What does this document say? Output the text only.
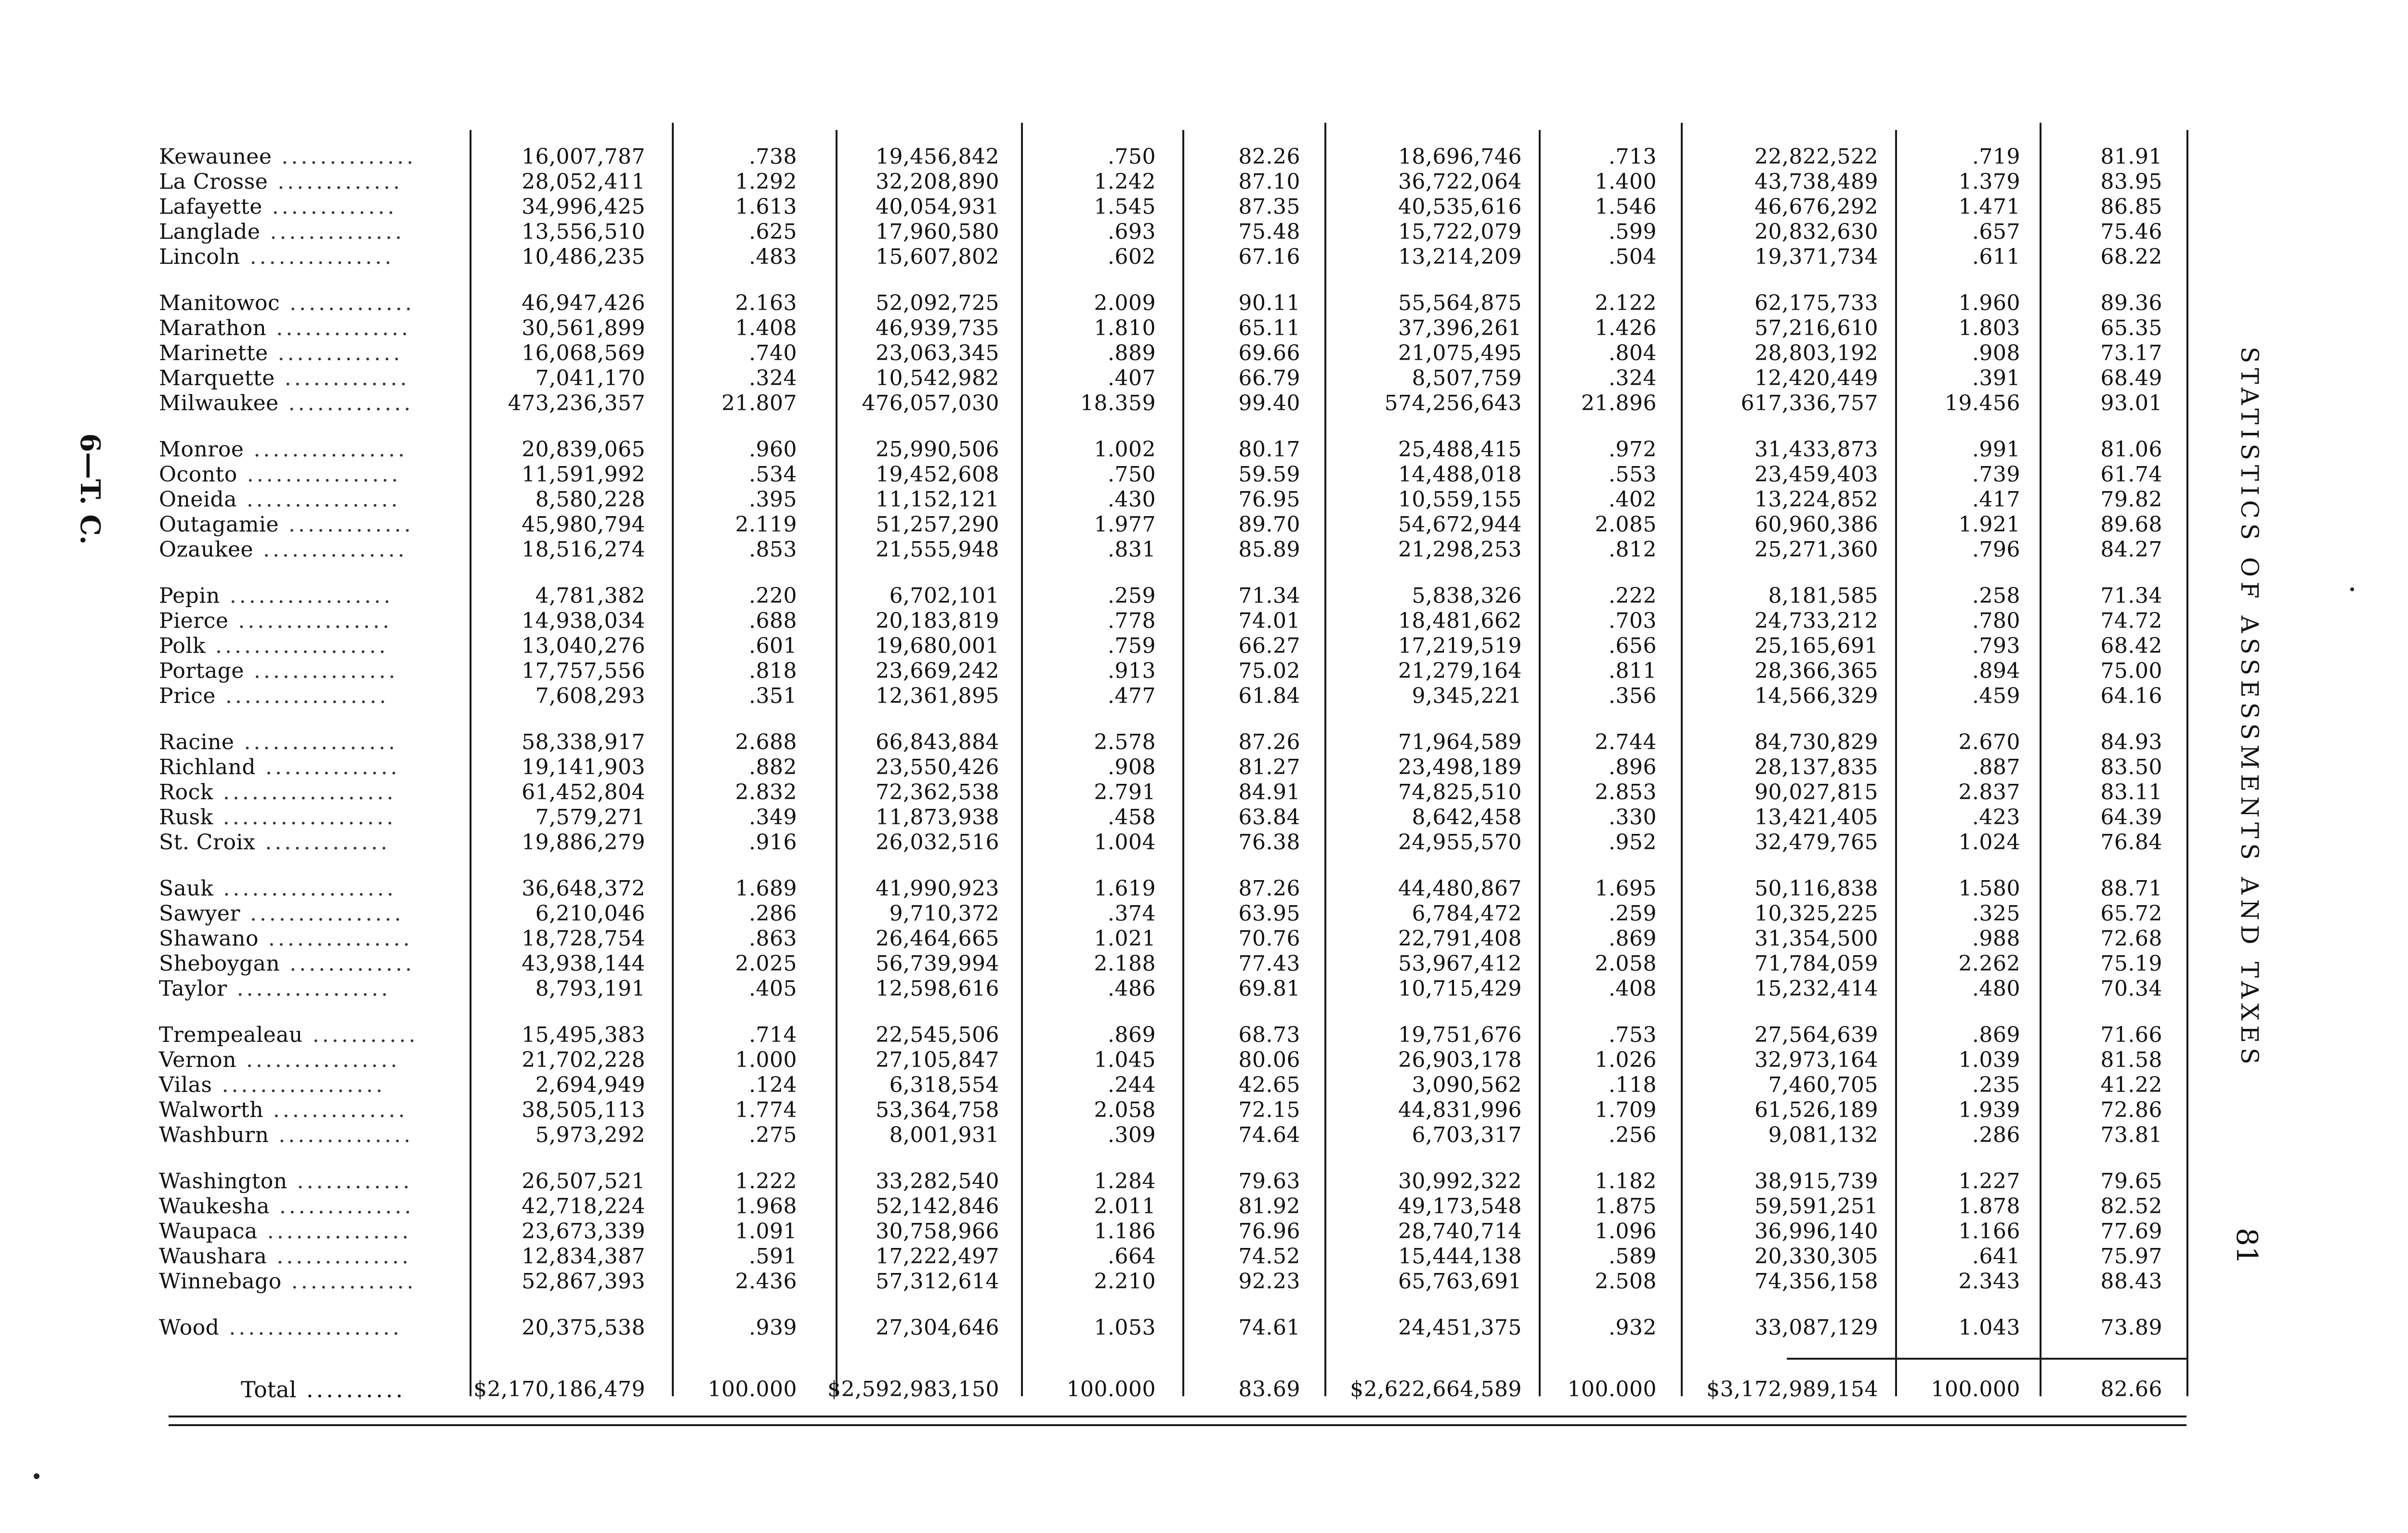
Kewaunee ..............	16,007,787	.738	19,456,842	.750	82.26	18,696,746	.713	22,822,522	.719	81.91
La Crosse .............	28,052,411	1.292	32,208,890	1.242	87.10	36,722,064	1.400	43,738,489	1.379	83.95
Lafayette .............	34,996,425	1.613	40,054,931	1.545	87.35	40,535,616	1.546	46,676,292	1.471	86.85
Langlade ..............	13,556,510	.625	17,960,580	.693	75.48	15,722,079	.599	20,832,630	.657	75.46
Lincoln ...............	10,486,235	.483	15,607,802	.602	67.16	13,214,209	.504	19,371,734	.611	68.22
Manitowoc .............	46,947,426	2.163	52,092,725	2.009	90.11	55,564,875	2.122	62,175,733	1.960	89.36
Marathon ..............	30,561,899	1.408	46,939,735	1.810	65.11	37,396,261	1.426	57,216,610	1.803	65.35
Marinette .............	16,068,569	.740	23,063,345	.889	69.66	21,075,495	.804	28,803,192	.908	73.17
Marquette .............	7,041,170	.324	10,542,982	.407	66.79	8,507,759	.324	12,420,449	.391	68.49
Milwaukee .............	473,236,357	21.807	476,057,030	18.359	99.40	574,256,643	21.896	617,336,757	19.456	93.01
Monroe ................	20,839,065	.960	25,990,506	1.002	80.17	25,488,415	.972	31,433,873	.991	81.06
Oconto ................	11,591,992	.534	19,452,608	.750	59.59	14,488,018	.553	23,459,403	.739	61.74
Oneida ................	8,580,228	.395	11,152,121	.430	76.95	10,559,155	.402	13,224,852	.417	79.82
Outagamie .............	45,980,794	2.119	51,257,290	1.977	89.70	54,672,944	2.085	60,960,386	1.921	89.68
Ozaukee ...............	18,516,274	.853	21,555,948	.831	85.89	21,298,253	.812	25,271,360	.796	84.27
Pepin .................	4,781,382	.220	6,702,101	.259	71.34	5,838,326	.222	8,181,585	.258	71.34
Pierce ................	14,938,034	.688	20,183,819	.778	74.01	18,481,662	.703	24,733,212	.780	74.72
Polk ..................	13,040,276	.601	19,680,001	.759	66.27	17,219,519	.656	25,165,691	.793	68.42
Portage ...............	17,757,556	.818	23,669,242	.913	75.02	21,279,164	.811	28,366,365	.894	75.00
Price .................	7,608,293	.351	12,361,895	.477	61.84	9,345,221	.356	14,566,329	.459	64.16
Racine ................	58,338,917	2.688	66,843,884	2.578	87.26	71,964,589	2.744	84,730,829	2.670	84.93
Richland ..............	19,141,903	.882	23,550,426	.908	81.27	23,498,189	.896	28,137,835	.887	83.50
Rock ..................	61,452,804	2.832	72,362,538	2.791	84.91	74,825,510	2.853	90,027,815	2.837	83.11
Rusk ..................	7,579,271	.349	11,873,938	.458	63.84	8,642,458	.330	13,421,405	.423	64.39
St. Croix .............	19,886,279	.916	26,032,516	1.004	76.38	24,955,570	.952	32,479,765	1.024	76.84
Sauk ..................	36,648,372	1.689	41,990,923	1.619	87.26	44,480,867	1.695	50,116,838	1.580	88.71
Sawyer ................	6,210,046	.286	9,710,372	.374	63.95	6,784,472	.259	10,325,225	.325	65.72
Shawano ...............	18,728,754	.863	26,464,665	1.021	70.76	22,791,408	.869	31,354,500	.988	72.68
Sheboygan .............	43,938,144	2.025	56,739,994	2.188	77.43	53,967,412	2.058	71,784,059	2.262	75.19
Taylor ................	8,793,191	.405	12,598,616	.486	69.81	10,715,429	.408	15,232,414	.480	70.34
Trempealeau ...........	15,495,383	.714	22,545,506	.869	68.73	19,751,676	.753	27,564,639	.869	71.66
Vernon ................	21,702,228	1.000	27,105,847	1.045	80.06	26,903,178	1.026	32,973,164	1.039	81.58
Vilas .................	2,694,949	.124	6,318,554	.244	42.65	3,090,562	.118	7,460,705	.235	41.22
Walworth ..............	38,505,113	1.774	53,364,758	2.058	72.15	44,831,996	1.709	61,526,189	1.939	72.86
Washburn ..............	5,973,292	.275	8,001,931	.309	74.64	6,703,317	.256	9,081,132	.286	73.81
Washington ............	26,507,521	1.222	33,282,540	1.284	79.63	30,992,322	1.182	38,915,739	1.227	79.65
Waukesha ..............	42,718,224	1.968	52,142,846	2.011	81.92	49,173,548	1.875	59,591,251	1.878	82.52
Waupaca ...............	23,673,339	1.091	30,758,966	1.186	76.96	28,740,714	1.096	36,996,140	1.166	77.69
Waushara ..............	12,834,387	.591	17,222,497	.664	74.52	15,444,138	.589	20,330,305	.641	75.97
Winnebago .............	52,867,393	2.436	57,312,614	2.210	92.23	65,763,691	2.508	74,356,158	2.343	88.43
Wood ..................	20,375,538	.939	27,304,646	1.053	74.61	24,451,375	.932	33,087,129	1.043	73.89
Total ..........	$2,170,186,479	100.000	$2,592,983,150	100.000	83.69	$2,622,664,589	100.000	$3,172,989,154	100.000	82.66
STATISTICS OF ASSESSMENTS AND TAXES
6—T. C.
81
